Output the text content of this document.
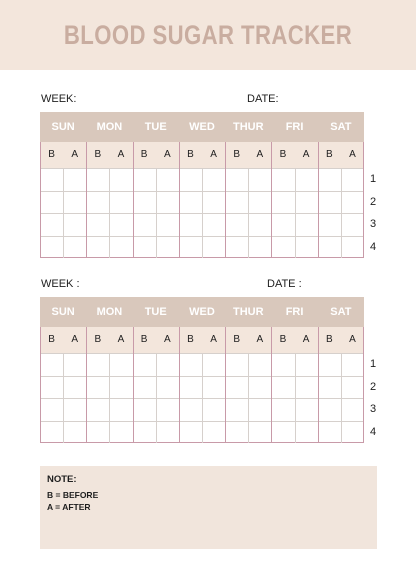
BLOOD SUGAR TRACKER
WEEK:	DATE:
SUN	MON	TUE	WED	THUR	FRI	SAT
B	A	B	A	B	A	B	A	B	A	B	A	B	A
1
2
3
4
WEEK :	DATE :
SUN	MON	TUE	WED	THUR	FRI	SAT
B	A	B	A	B	A	B	A	B	A	B	A	B	A
1
2
3
4
NOTE:
B = BEFORE
A = AFTER
